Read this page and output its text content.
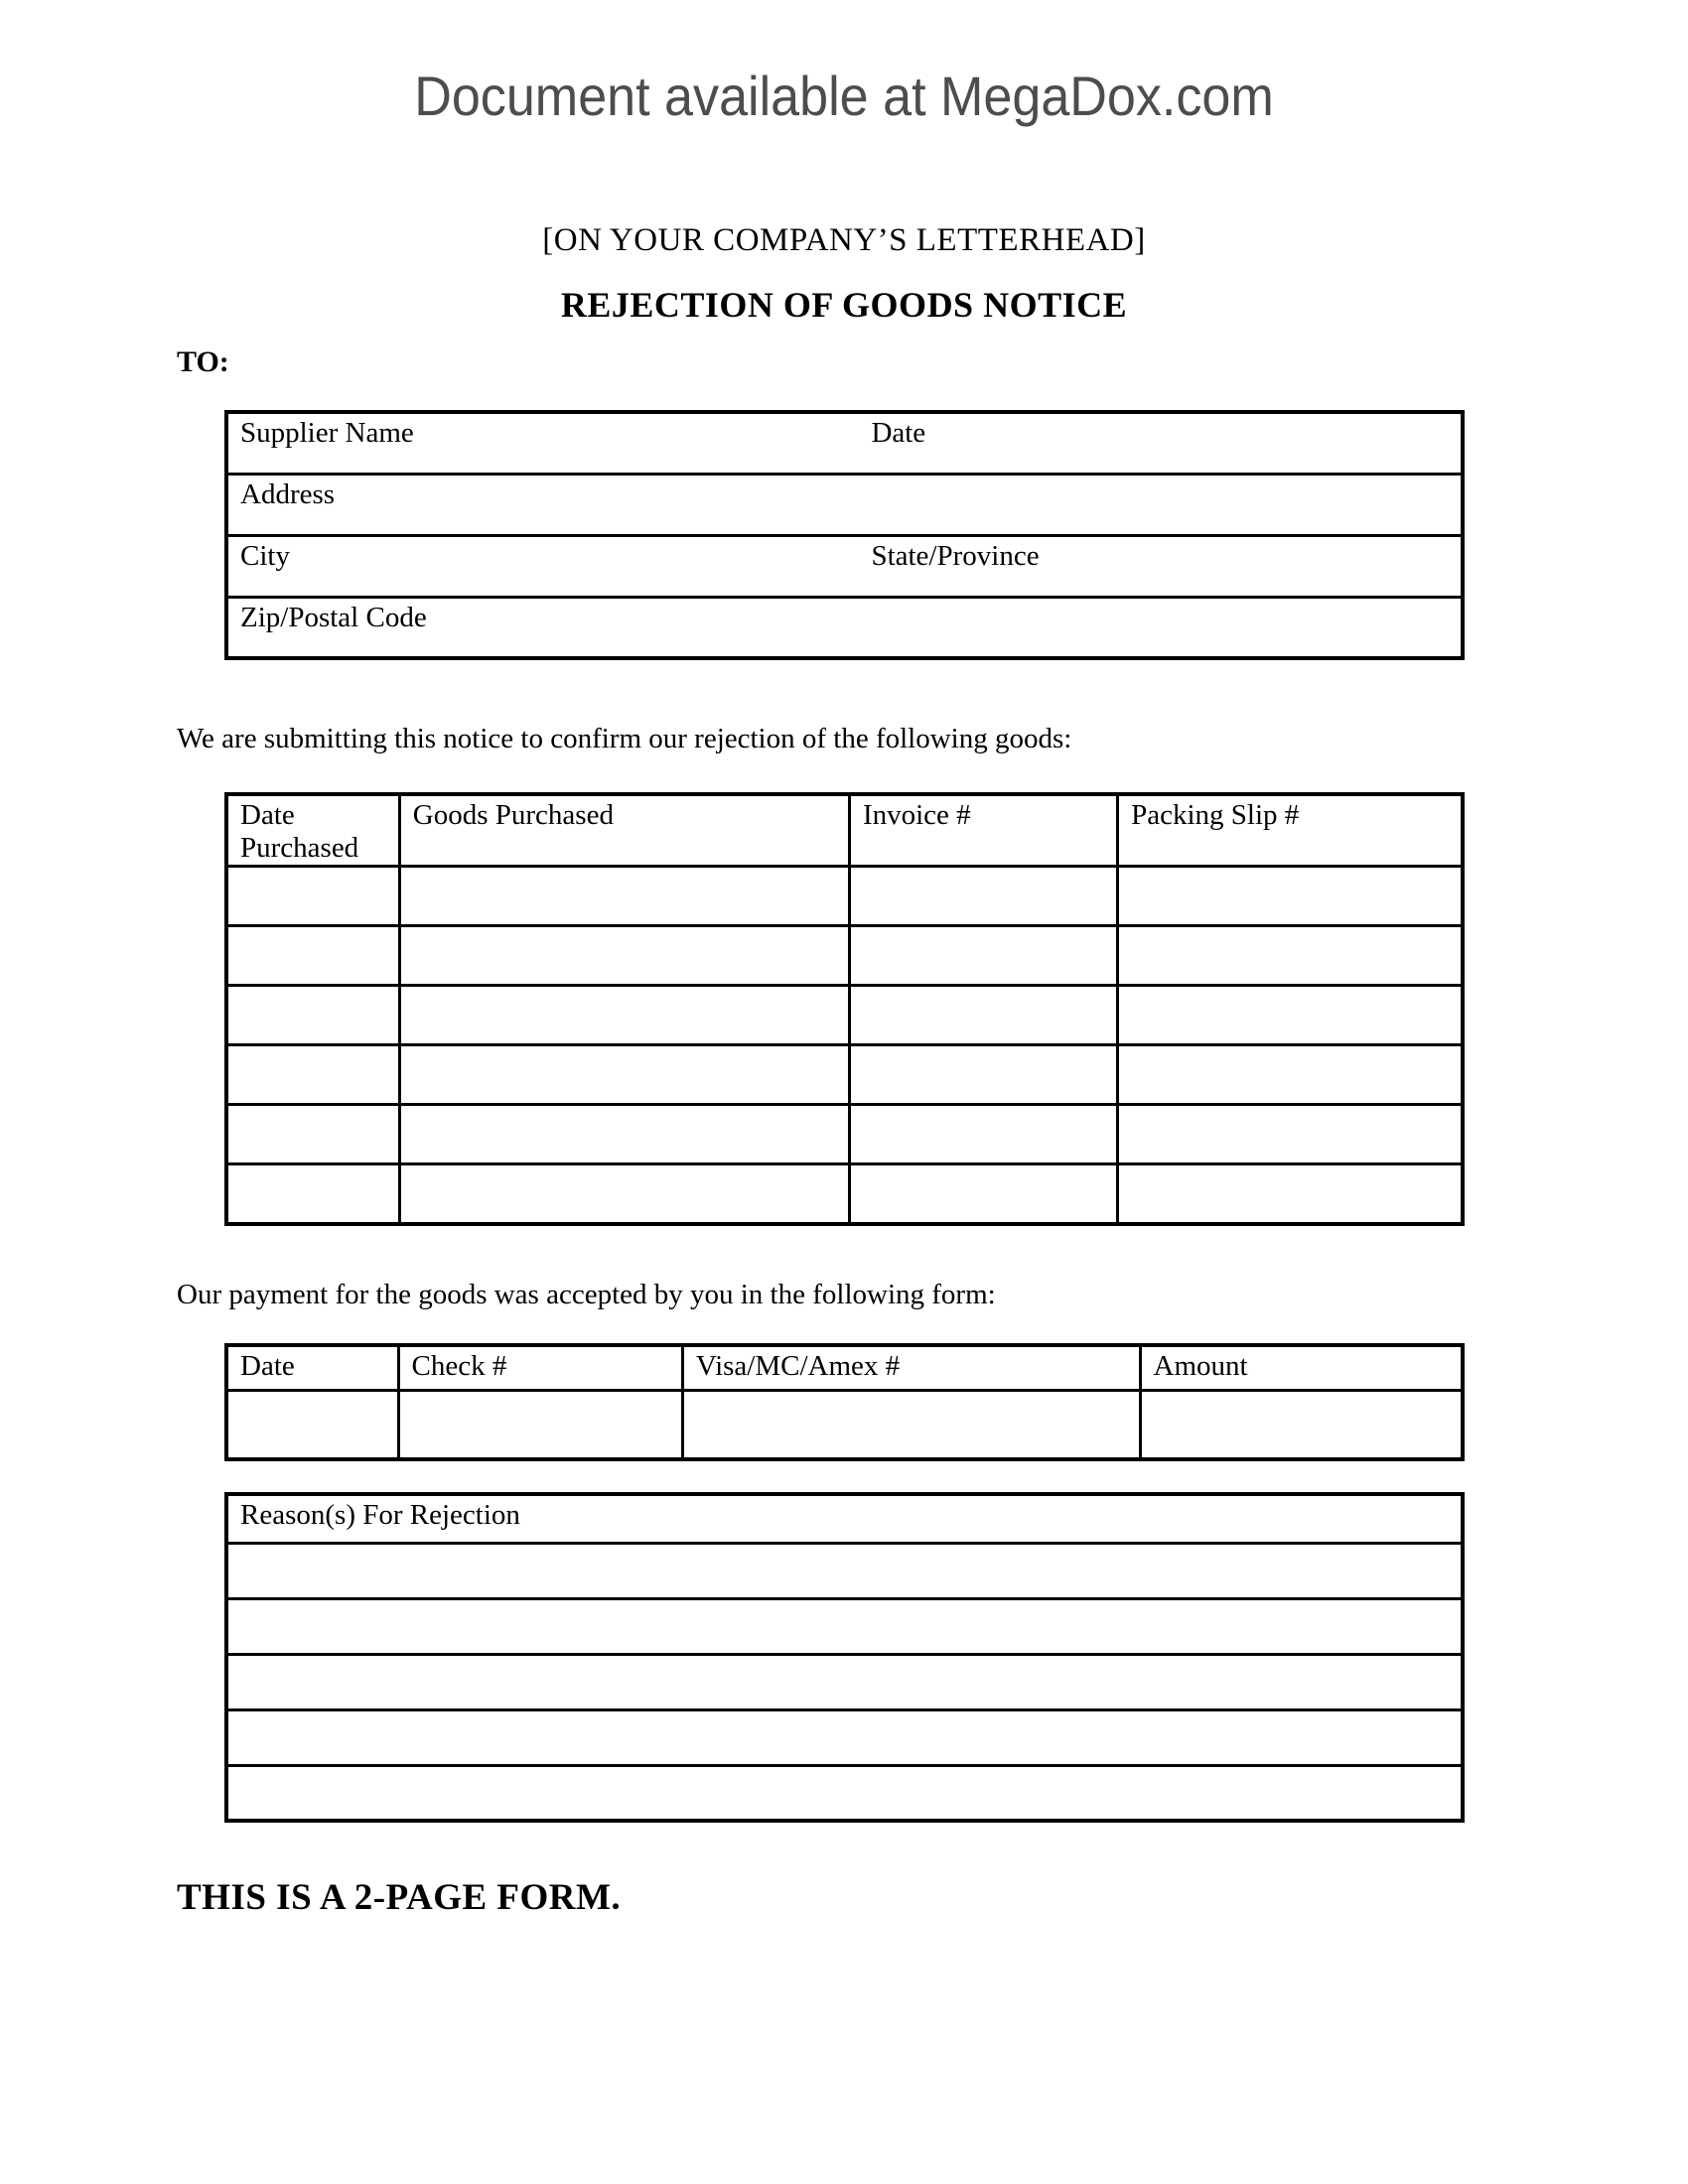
Document available at MegaDox.com
[ON YOUR COMPANY’S LETTERHEAD]
REJECTION OF GOODS NOTICE
TO:
Supplier Name	Date
Address	
City	State/Province
Zip/Postal Code	
We are submitting this notice to confirm our rejection of the following goods:
Date Purchased	Goods Purchased	Invoice #	Packing Slip #

Our payment for the goods was accepted by you in the following form:
Date	Check #	Visa/MC/Amex #	Amount

Reason(s) For Rejection

THIS IS A 2-PAGE FORM.
